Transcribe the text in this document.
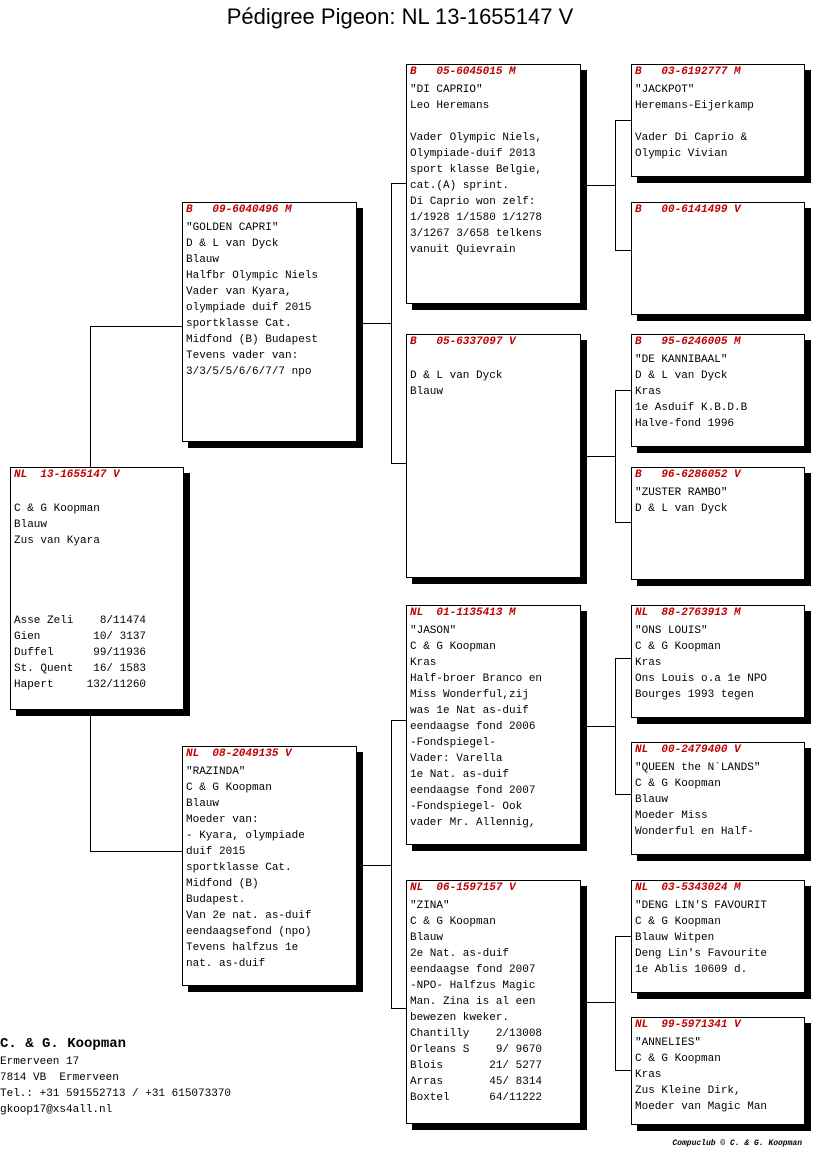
Pédigree Pigeon: NL 13-1655147 V
NL  13-1655147 V

C & G Koopman
Blauw
Zus van Kyara

Asse Zeli    8/11474
Gien        10/ 3137
Duffel      99/11936
St. Quent   16/ 1583
Hapert     132/11260
B   09-6040496 M
"GOLDEN CAPRI"
D & L van Dyck
Blauw
Halfbr Olympic Niels
Vader van Kyara,
olympiade duif 2015
sportklasse Cat.
Midfond (B) Budapest
Tevens vader van:
3/3/5/5/6/6/7/7 npo
NL  08-2049135 V
"RAZINDA"
C & G Koopman
Blauw
Moeder van:
- Kyara, olympiade
duif 2015
sportklasse Cat.
Midfond (B)
Budapest.
Van 2e nat. as-duif
eendaagsefond (npo)
Tevens halfzus 1e
nat. as-duif
B   05-6045015 M
"DI CAPRIO"
Leo Heremans

Vader Olympic Niels,
Olympiade-duif 2013
sport klasse Belgie,
cat.(A) sprint.
Di Caprio won zelf:
1/1928 1/1580 1/1278
3/1267 3/658 telkens
vanuit Quievrain
B   05-6337097 V

D & L van Dyck
Blauw
NL  01-1135413 M
"JASON"
C & G Koopman
Kras
Half-broer Branco en
Miss Wonderful,zij
was 1e Nat as-duif
eendaagse fond 2006
-Fondspiegel-
Vader: Varella
1e Nat. as-duif
eendaagse fond 2007
-Fondspiegel- Ook
vader Mr. Allennig,
NL  06-1597157 V
"ZINA"
C & G Koopman
Blauw
2e Nat. as-duif
eendaagse fond 2007
-NPO- Halfzus Magic
Man. Zina is al een
bewezen kweker.
Chantilly    2/13008
Orleans S    9/ 9670
Blois       21/ 5277
Arras       45/ 8314
Boxtel      64/11222
B   03-6192777 M
"JACKPOT"
Heremans-Eijerkamp

Vader Di Caprio &
Olympic Vivian
B   00-6141499 V
B   95-6246005 M
"DE KANNIBAAL"
D & L van Dyck
Kras
1e Asduif K.B.D.B
Halve-fond 1996
B   96-6286052 V
"ZUSTER RAMBO"
D & L van Dyck
NL  88-2763913 M
"ONS LOUIS"
C & G Koopman
Kras
Ons Louis o.a 1e NPO
Bourges 1993 tegen
NL  00-2479400 V
"QUEEN the N`LANDS"
C & G Koopman
Blauw
Moeder Miss
Wonderful en Half-
NL  03-5343024 M
"DENG LIN'S FAVOURIT
C & G Koopman
Blauw Witpen
Deng Lin's Favourite
1e Ablis 10609 d.
NL  99-5971341 V
"ANNELIES"
C & G Koopman
Kras
Zus Kleine Dirk,
Moeder van Magic Man
C. & G. Koopman
Ermerveen 17
7814 VB  Ermerveen
Tel.: +31 591552713 / +31 615073370
gkoop17@xs4all.nl
Compuclub © C. & G. Koopman
